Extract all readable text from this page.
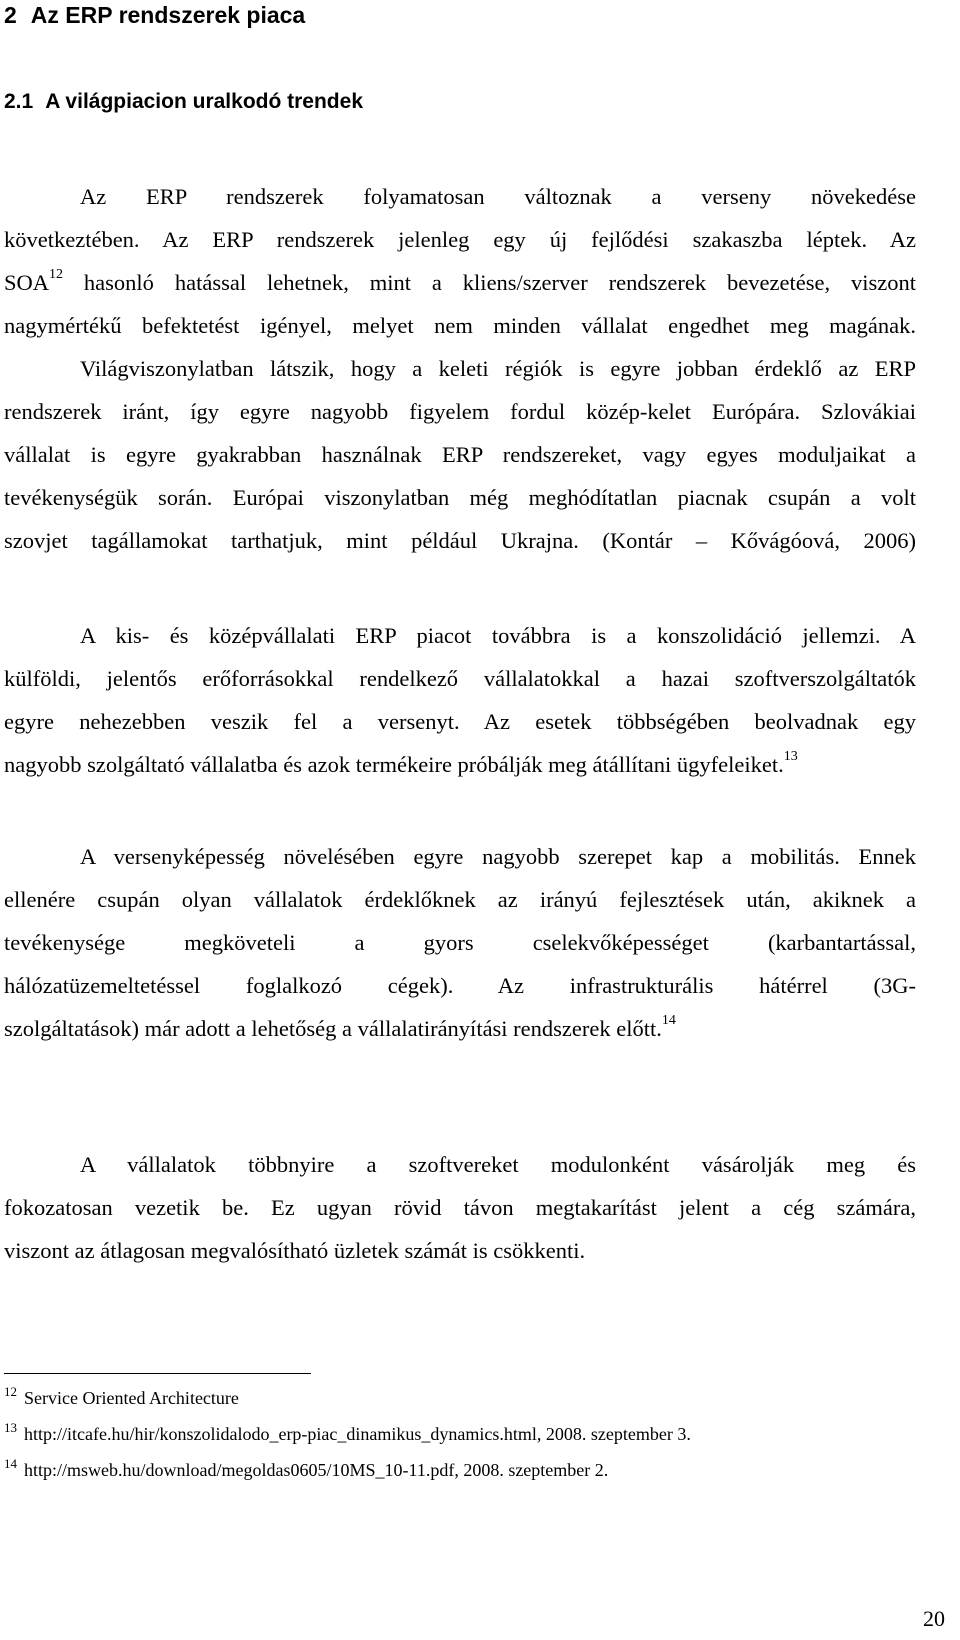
2 Az ERP rendszerek piaca
2.1 A világpiacion uralkodó trendek
Az ERP rendszerek folyamatosan változnak a verseny növekedése
következtében. Az ERP rendszerek jelenleg egy új fejlődési szakaszba léptek. Az
SOA$^{12}$ hasonló hatással lehetnek, mint a kliens/szerver rendszerek bevezetése, viszont
nagymértékű befektetést igényel, melyet nem minden vállalat engedhet meg magának.
Világviszonylatban látszik, hogy a keleti régiók is egyre jobban érdeklő az ERP
rendszerek iránt, így egyre nagyobb figyelem fordul közép-kelet Európára. Szlovákiai
vállalat is egyre gyakrabban használnak ERP rendszereket, vagy egyes moduljaikat a
tevékenységük során. Európai viszonylatban még meghódítatlan piacnak csupán a volt
szovjet tagállamokat tarthatjuk, mint például Ukrajna. (Kontár – Kővágóová, 2006)
A kis- és középvállalati ERP piacot továbbra is a konszolidáció jellemzi. A
külföldi, jelentős erőforrásokkal rendelkező vállalatokkal a hazai szoftverszolgáltatók
egyre nehezebben veszik fel a versenyt. Az esetek többségében beolvadnak egy
nagyobb szolgáltató vállalatba és azok termékeire próbálják meg átállítani ügyfeleiket.$^{13}$
A versenyképesség növelésében egyre nagyobb szerepet kap a mobilitás. Ennek
ellenére csupán olyan vállalatok érdeklőknek az irányú fejlesztések után, akiknek a
tevékenysége megköveteli a gyors cselekvőképességet (karbantartással,
hálózatüzemeltetéssel foglalkozó cégek). Az infrastrukturális hátérrel (3G-
szolgáltatások) már adott a lehetőség a vállalatirányítási rendszerek előtt.$^{14}$
A vállalatok többnyire a szoftvereket modulonként vásárolják meg és
fokozatosan vezetik be. Ez ugyan rövid távon megtakarítást jelent a cég számára,
viszont az átlagosan megvalósítható üzletek számát is csökkenti.
12 Service Oriented Architecture
13 http://itcafe.hu/hir/konszolidalodo_erp-piac_dinamikus_dynamics.html, 2008. szeptember 3.
14 http://msweb.hu/download/megoldas0605/10MS_10-11.pdf, 2008. szeptember 2.
20
